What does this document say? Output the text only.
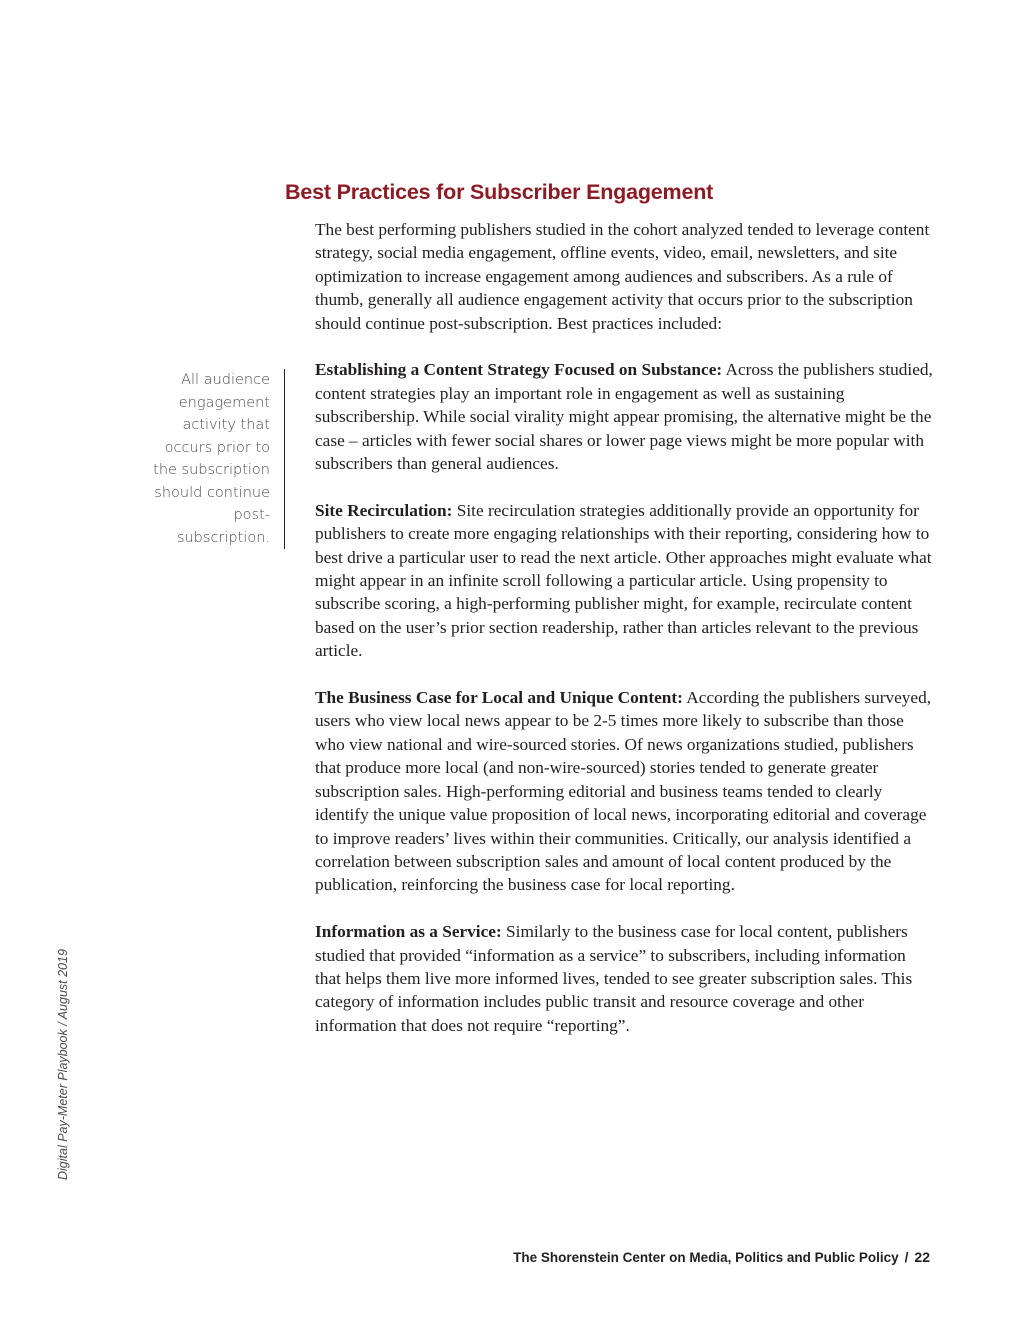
Best Practices for Subscriber Engagement

The best performing publishers studied in the cohort analyzed tended to leverage content strategy, social media engagement, offline events, video, email, newsletters, and site optimization to increase engagement among audiences and subscribers. As a rule of thumb, generally all audience engagement activity that occurs prior to the subscription should continue post-subscription. Best practices included:

Establishing a Content Strategy Focused on Substance: Across the publishers studied, content strategies play an important role in engagement as well as sustaining subscribership. While social virality might appear promising, the alternative might be the case – articles with fewer social shares or lower page views might be more popular with subscribers than general audiences.

Site Recirculation: Site recirculation strategies additionally provide an opportunity for publishers to create more engaging relationships with their reporting, considering how to best drive a particular user to read the next article. Other approaches might evaluate what might appear in an infinite scroll following a particular article. Using propensity to subscribe scoring, a high-performing publisher might, for example, recirculate content based on the user’s prior section readership, rather than articles relevant to the previous article.

The Business Case for Local and Unique Content: According the publishers surveyed, users who view local news appear to be 2-5 times more likely to subscribe than those who view national and wire-sourced stories. Of news organizations studied, publishers that produce more local (and non-wire-sourced) stories tended to generate greater subscription sales. High-performing editorial and business teams tended to clearly identify the unique value proposition of local news, incorporating editorial and coverage to improve readers’ lives within their communities. Critically, our analysis identified a correlation between subscription sales and amount of local content produced by the publication, reinforcing the business case for local reporting.

Information as a Service: Similarly to the business case for local content, publishers studied that provided “information as a service” to subscribers, including information that helps them live more informed lives, tended to see greater subscription sales. This category of information includes public transit and resource coverage and other information that does not require “reporting”.

All audience engagement activity that occurs prior to the subscription should continue post-subscription.
Digital Pay-Meter Playbook / August 2019
The Shorenstein Center on Media, Politics and Public Policy / 22
